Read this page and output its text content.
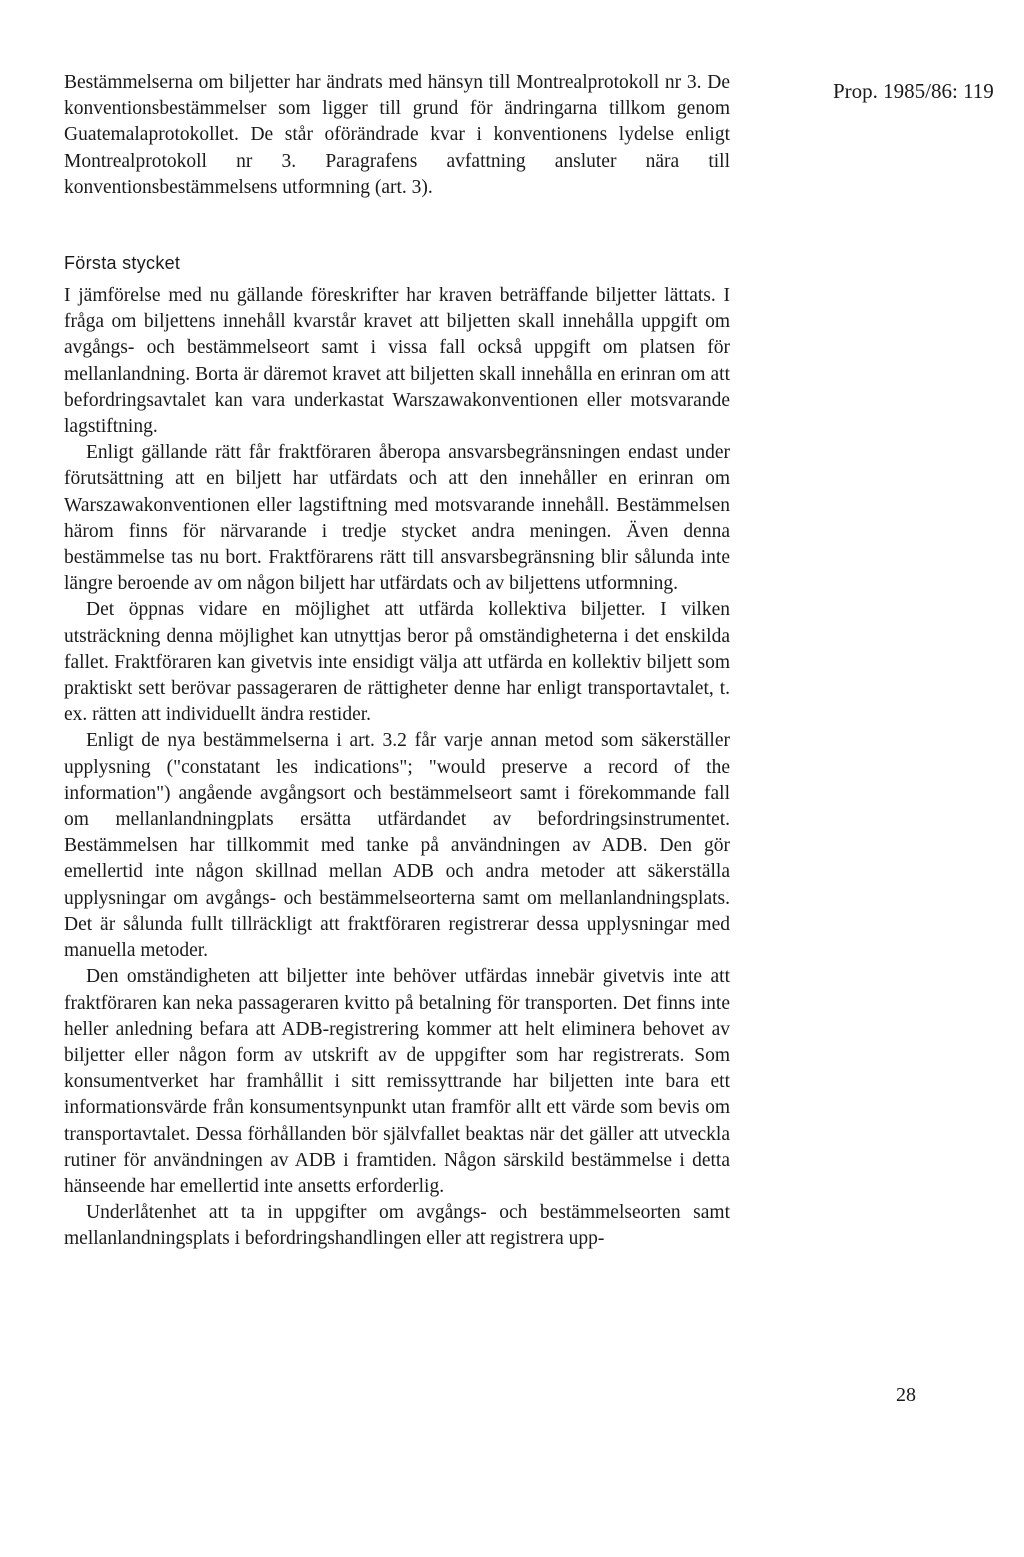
Prop. 1985/86: 119

Bestämmelserna om biljetter har ändrats med hänsyn till Montrealprotokoll nr 3. De konventionsbestämmelser som ligger till grund för ändringarna tillkom genom Guatemalaprotokollet. De står oförändrade kvar i konventionens lydelse enligt Montrealprotokoll nr 3. Paragrafens avfattning ansluter nära till konventionsbestämmelsens utformning (art. 3).

Första stycket

I jämförelse med nu gällande föreskrifter har kraven beträffande biljetter lättats. I fråga om biljettens innehåll kvarstår kravet att biljetten skall innehålla uppgift om avgångs- och bestämmelseort samt i vissa fall också uppgift om platsen för mellanlandning. Borta är däremot kravet att biljetten skall innehålla en erinran om att befordringsavtalet kan vara underkastat Warszawakonventionen eller motsvarande lagstiftning.

Enligt gällande rätt får fraktföraren åberopa ansvarsbegränsningen endast under förutsättning att en biljett har utfärdats och att den innehåller en erinran om Warszawakonventionen eller lagstiftning med motsvarande innehåll. Bestämmelsen härom finns för närvarande i tredje stycket andra meningen. Även denna bestämmelse tas nu bort. Fraktförarens rätt till ansvarsbegränsning blir sålunda inte längre beroende av om någon biljett har utfärdats och av biljettens utformning.

Det öppnas vidare en möjlighet att utfärda kollektiva biljetter. I vilken utsträckning denna möjlighet kan utnyttjas beror på omständigheterna i det enskilda fallet. Fraktföraren kan givetvis inte ensidigt välja att utfärda en kollektiv biljett som praktiskt sett berövar passageraren de rättigheter denne har enligt transportavtalet, t. ex. rätten att individuellt ändra restider.

Enligt de nya bestämmelserna i art. 3.2 får varje annan metod som säkerställer upplysning ("constatant les indications"; "would preserve a record of the information") angående avgångsort och bestämmelseort samt i förekommande fall om mellanlandningplats ersätta utfärdandet av befordringsinstrumentet. Bestämmelsen har tillkommit med tanke på användningen av ADB. Den gör emellertid inte någon skillnad mellan ADB och andra metoder att säkerställa upplysningar om avgångs- och bestämmelseorterna samt om mellanlandningsplats. Det är sålunda fullt tillräckligt att fraktföraren registrerar dessa upplysningar med manuella metoder.

Den omständigheten att biljetter inte behöver utfärdas innebär givetvis inte att fraktföraren kan neka passageraren kvitto på betalning för transporten. Det finns inte heller anledning befara att ADB-registrering kommer att helt eliminera behovet av biljetter eller någon form av utskrift av de uppgifter som har registrerats. Som konsumentverket har framhållit i sitt remissyttrande har biljetten inte bara ett informationsvärde från konsumentsynpunkt utan framför allt ett värde som bevis om transportavtalet. Dessa förhållanden bör självfallet beaktas när det gäller att utveckla rutiner för användningen av ADB i framtiden. Någon särskild bestämmelse i detta hänseende har emellertid inte ansetts erforderlig.

Underlåtenhet att ta in uppgifter om avgångs- och bestämmelseorten samt mellanlandningsplats i befordringshandlingen eller att registrera upp-

28
